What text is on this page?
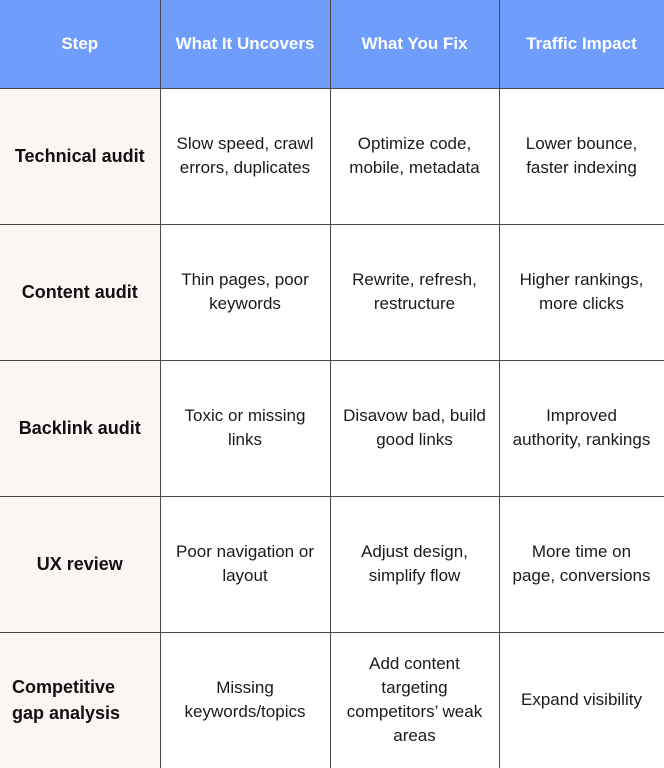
Step	What It Uncovers	What You Fix	Traffic Impact
Technical audit	Slow speed, crawl errors, duplicates	Optimize code, mobile, metadata	Lower bounce, faster indexing
Content audit	Thin pages, poor keywords	Rewrite, refresh, restructure	Higher rankings, more clicks
Backlink audit	Toxic or missing links	Disavow bad, build good links	Improved authority, rankings
UX review	Poor navigation or layout	Adjust design, simplify flow	More time on page, conversions
Competitive gap analysis	Missing keywords/topics	Add content targeting competitors’ weak areas	Expand visibility
